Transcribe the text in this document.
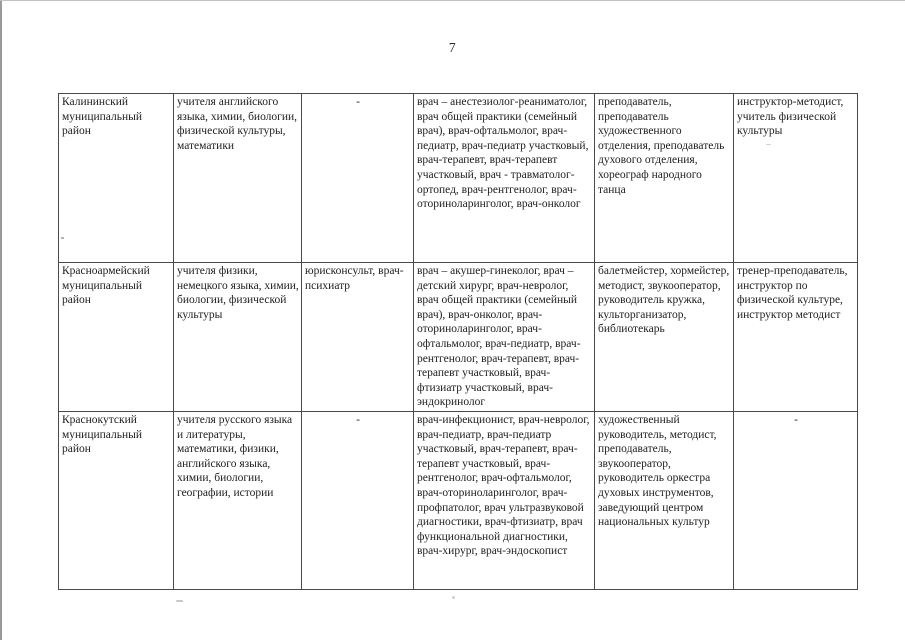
7
Калининский муниципальный район	учителя английского языка, химии, биологии, физической культуры, математики	-	врач – анестезиолог-реаниматолог, врач общей практики (семейный врач), врач-офтальмолог, врач-педиатр, врач-педиатр участковый, врач-терапевт, врач-терапевт участковый, врач - травматолог-ортопед, врач-рентгенолог, врач-оториноларинголог, врач-онколог	преподаватель, преподаватель художественного отделения, преподаватель духового отделения, хореограф народного танца	инструктор-методист, учитель физической культуры
Красноармейский муниципальный район	учителя физики, немецкого языка, химии, биологии, физической культуры	юрисконсульт, врач-психиатр	врач – акушер-гинеколог, врач – детский хирург, врач-невролог, врач общей практики (семейный врач), врач-онколог, врач-оториноларинголог, врач-офтальмолог, врач-педиатр, врач-рентгенолог, врач-терапевт, врач-терапевт участковый, врач-фтизиатр участковый, врач-эндокринолог	балетмейстер, хормейстер, методист, звукооператор, руководитель кружка, культорганизатор, библиотекарь	тренер-преподаватель, инструктор по физической культуре, инструктор методист
Краснокутский муниципальный район	учителя русского языка и литературы, математики, физики, английского языка, химии, биологии, географии, истории	-	врач-инфекционист, врач-невролог, врач-педиатр, врач-педиатр участковый, врач-терапевт, врач-терапевт участковый, врач-рентгенолог, врач-офтальмолог, врач-оториноларинголог, врач-профпатолог, врач ультразвуковой диагностики, врач-фтизиатр, врач функциональной диагностики, врач-хирург, врач-эндоскопист	художественный руководитель, методист, преподаватель, звукооператор, руководитель оркестра духовых инструментов, заведующий центром национальных культур	-
